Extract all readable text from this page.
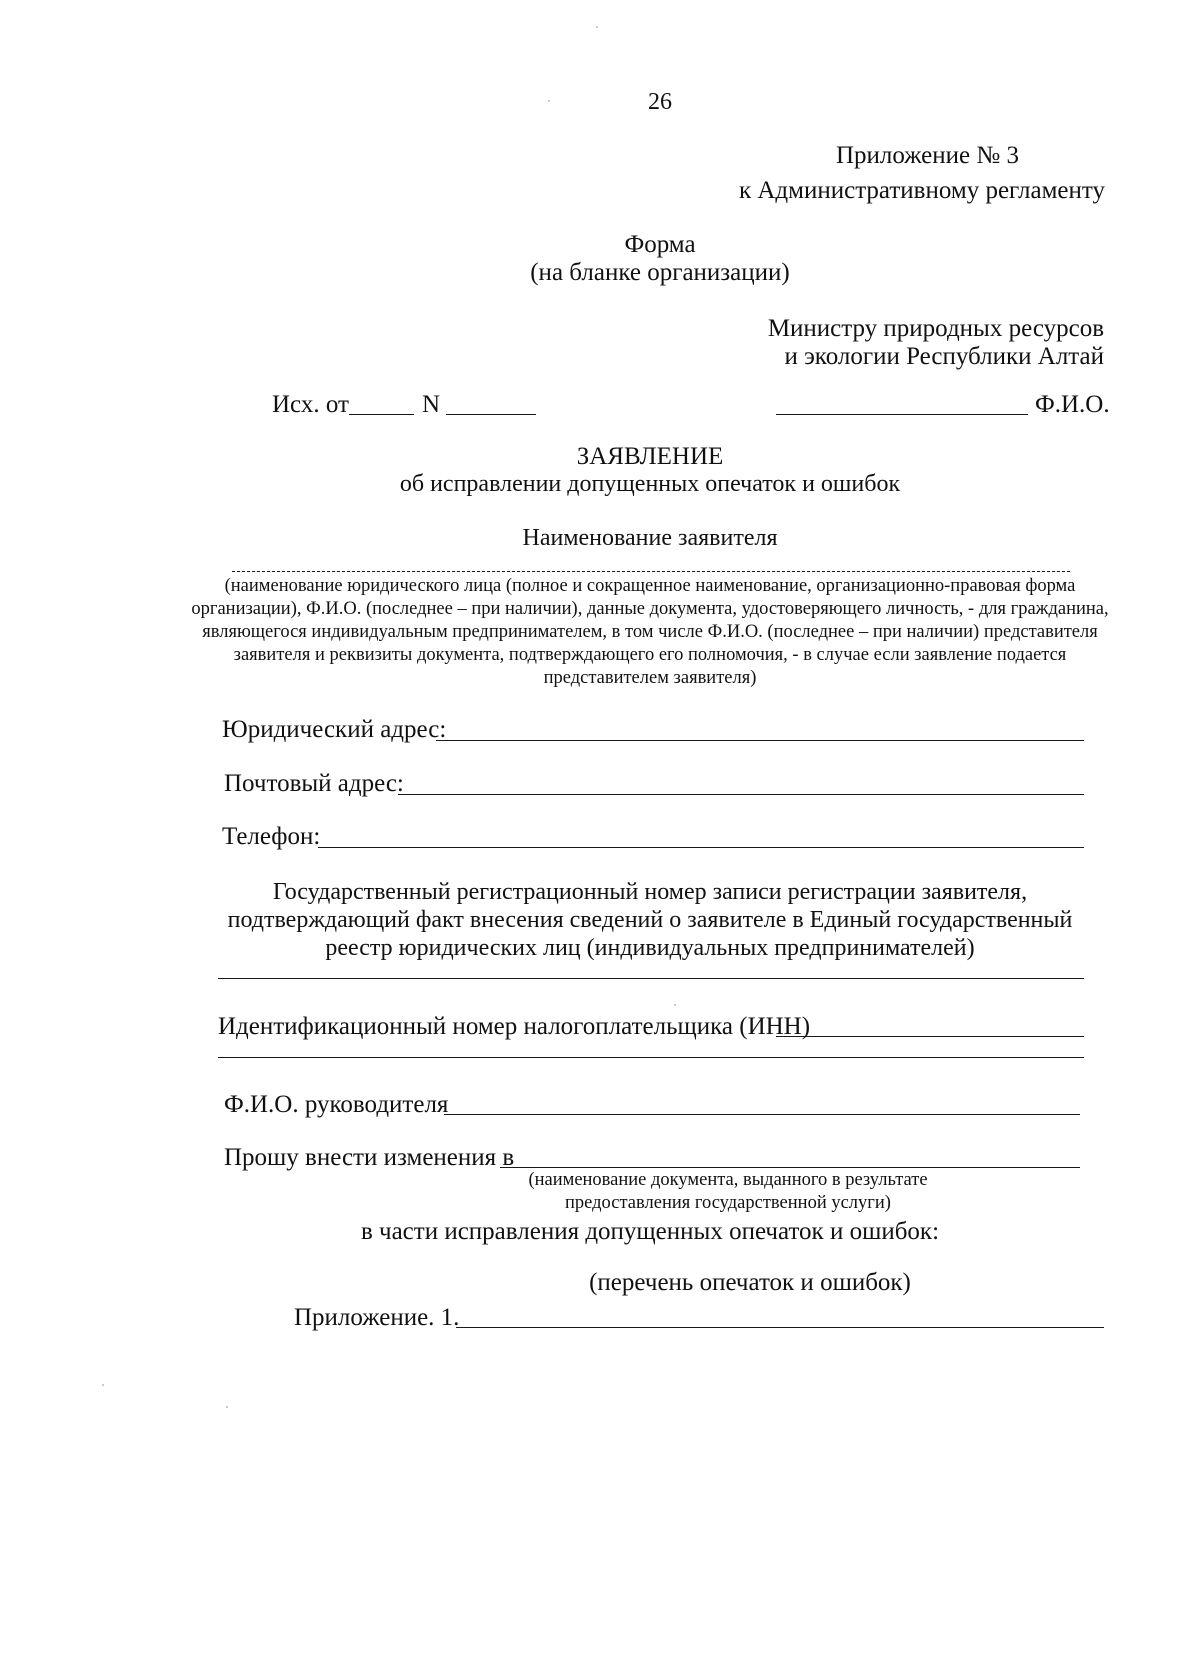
26
Приложение № 3
к Административному регламенту
Форма
(на бланке организации)
Министру природных ресурсов
и экологии Республики Алтай
Исх. от	N	Ф.И.О.
ЗАЯВЛЕНИЕ
об исправлении допущенных опечаток и ошибок
Наименование заявителя
(наименование юридического лица (полное и сокращенное наименование, организационно-правовая форма организации), Ф.И.О. (последнее – при наличии), данные документа, удостоверяющего личность, - для гражданина, являющегося индивидуальным предпринимателем, в том числе Ф.И.О. (последнее – при наличии) представителя заявителя и реквизиты документа, подтверждающего его полномочия, - в случае если заявление подается представителем заявителя)
Юридический адрес:
Почтовый адрес:
Телефон:
Государственный регистрационный номер записи регистрации заявителя, подтверждающий факт внесения сведений о заявителе в Единый государственный реестр юридических лиц (индивидуальных предпринимателей)
Идентификационный номер налогоплательщика (ИНН)
Ф.И.О. руководителя
Прошу внести изменения в
(наименование документа, выданного в результате
предоставления государственной услуги)
в части исправления допущенных опечаток и ошибок:
(перечень опечаток и ошибок)
Приложение. 1.
